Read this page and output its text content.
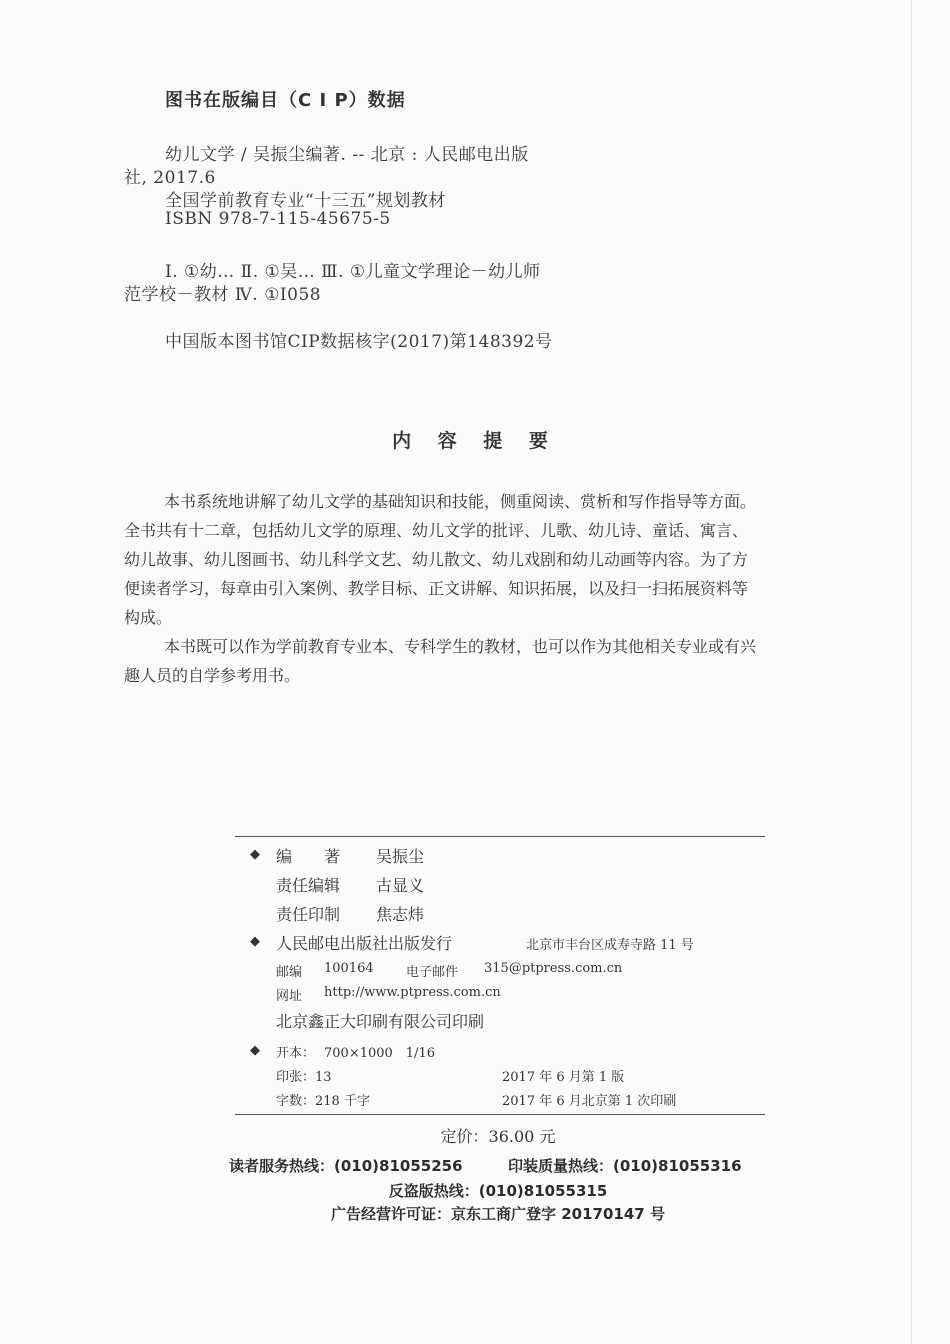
图书在版编目（C I P）数据
幼儿文学 / 吴振尘编著. -- 北京 : 人民邮电出版
社, 2017.6
全国学前教育专业“十三五”规划教材
ISBN 978-7-115-45675-5
Ⅰ. ①幼… Ⅱ. ①吴… Ⅲ. ①儿童文学理论－幼儿师
范学校－教材 Ⅳ. ①I058
中国版本图书馆CIP数据核字(2017)第148392号
内 容 提 要
本书系统地讲解了幼儿文学的基础知识和技能，侧重阅读、赏析和写作指导等方面。
全书共有十二章，包括幼儿文学的原理、幼儿文学的批评、儿歌、幼儿诗、童话、寓言、
幼儿故事、幼儿图画书、幼儿科学文艺、幼儿散文、幼儿戏剧和幼儿动画等内容。为了方
便读者学习，每章由引入案例、教学目标、正文讲解、知识拓展，以及扫一扫拓展资料等
构成。
本书既可以作为学前教育专业本、专科学生的教材，也可以作为其他相关专业或有兴
趣人员的自学参考用书。
◆ 编　　著 吴振尘
责任编辑 古显义
责任印制 焦志炜
◆ 人民邮电出版社出版发行	北京市丰台区成寿寺路 11 号
邮编 100164 电子邮件 315@ptpress.com.cn
网址 http://www.ptpress.com.cn
北京鑫正大印刷有限公司印刷
◆ 开本： 700×1000　1/16
印张：13	2017 年 6 月第 1 版
字数：218 千字	2017 年 6 月北京第 1 次印刷
定价：36.00 元
读者服务热线：(010)81055256	印装质量热线：(010)81055316
反盗版热线：(010)81055315
广告经营许可证：京东工商广登字 20170147 号
